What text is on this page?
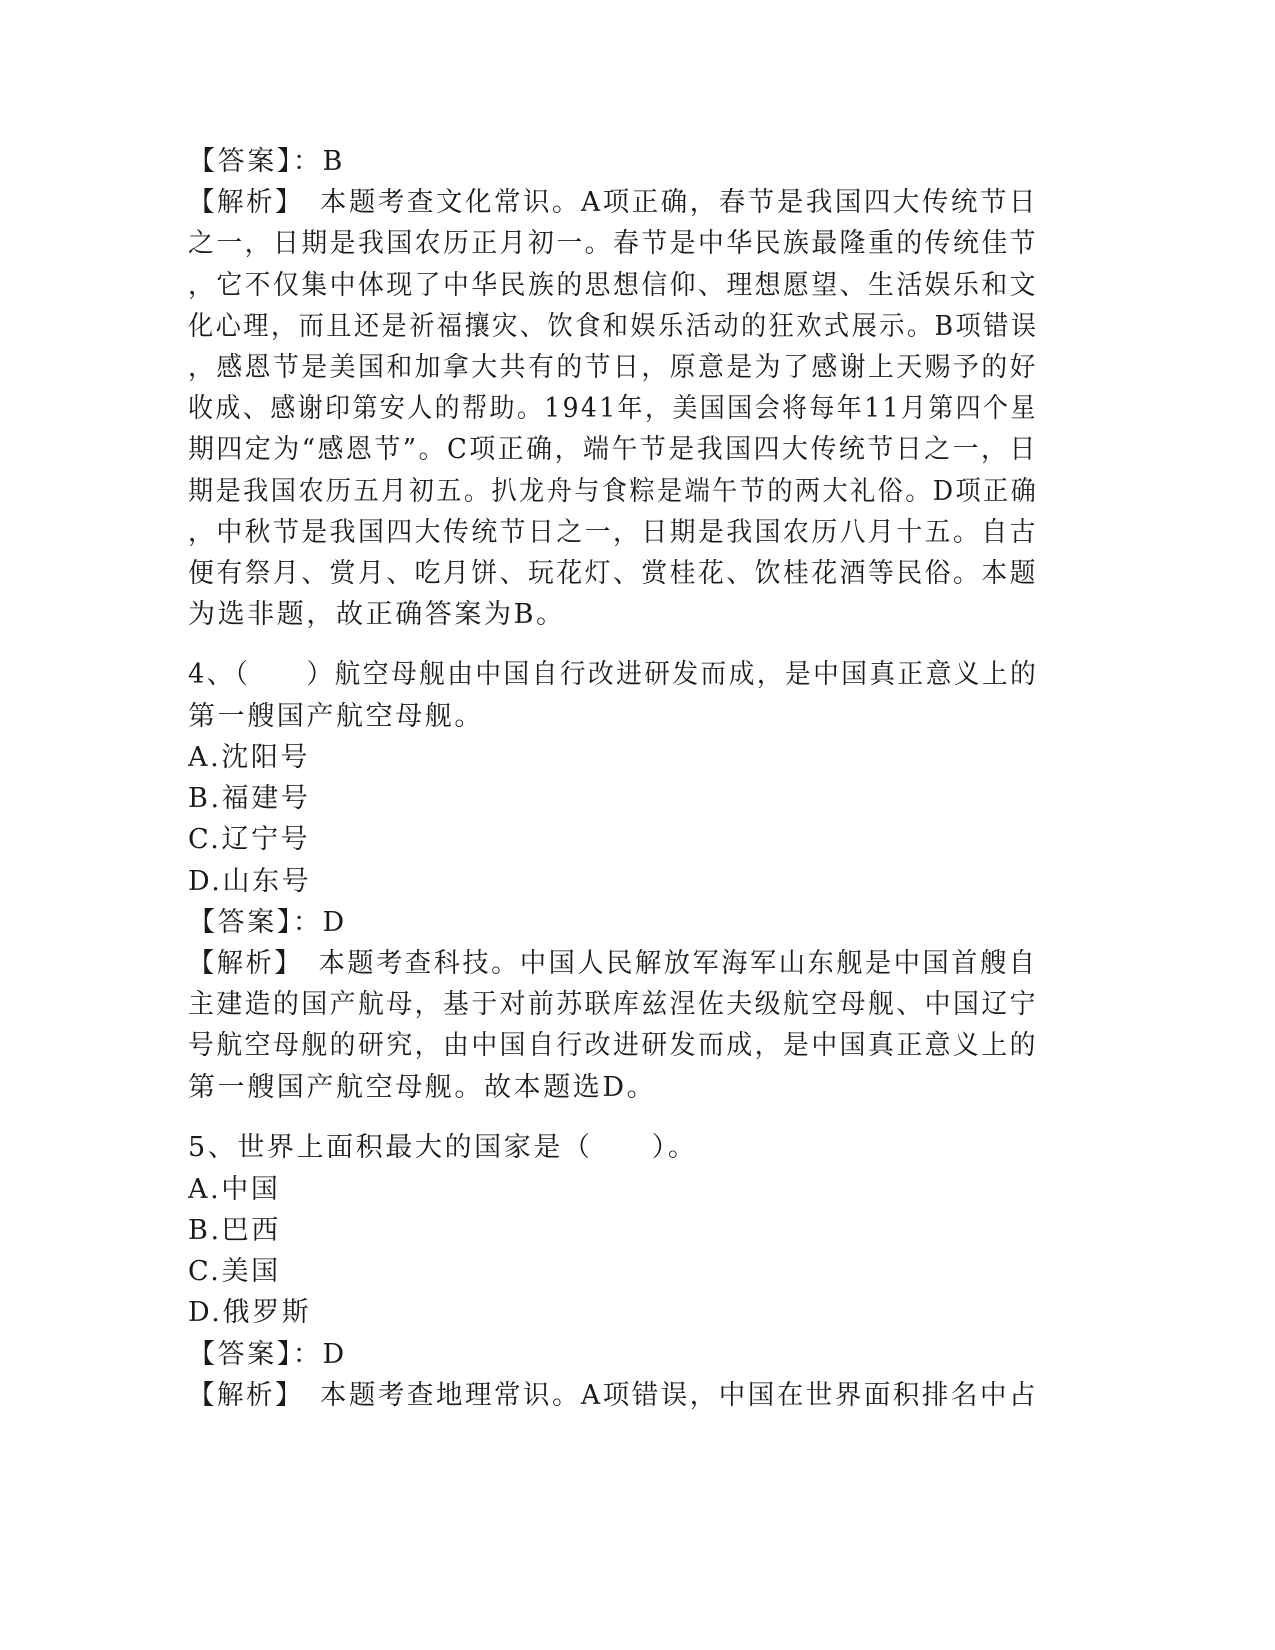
【答案】：B
【解析】　本题考查文化常识。A项正确，春节是我国四大传统节日
之一，日期是我国农历正月初一。春节是中华民族最隆重的传统佳节
，它不仅集中体现了中华民族的思想信仰、理想愿望、生活娱乐和文
化心理，而且还是祈福攘灾、饮食和娱乐活动的狂欢式展示。B项错误
，感恩节是美国和加拿大共有的节日，原意是为了感谢上天赐予的好
收成、感谢印第安人的帮助。1941年，美国国会将每年11月第四个星
期四定为“感恩节”。C项正确，端午节是我国四大传统节日之一，日
期是我国农历五月初五。扒龙舟与食粽是端午节的两大礼俗。D项正确
，中秋节是我国四大传统节日之一，日期是我国农历八月十五。自古
便有祭月、赏月、吃月饼、玩花灯、赏桂花、饮桂花酒等民俗。本题
为选非题，故正确答案为B。
4、（　　）航空母舰由中国自行改进研发而成，是中国真正意义上的
第一艘国产航空母舰。
A.沈阳号
B.福建号
C.辽宁号
D.山东号
【答案】：D
【解析】　本题考查科技。中国人民解放军海军山东舰是中国首艘自
主建造的国产航母，基于对前苏联库兹涅佐夫级航空母舰、中国辽宁
号航空母舰的研究，由中国自行改进研发而成，是中国真正意义上的
第一艘国产航空母舰。故本题选D。
5、世界上面积最大的国家是（　　）。
A.中国
B.巴西
C.美国
D.俄罗斯
【答案】：D
【解析】　本题考查地理常识。A项错误，中国在世界面积排名中占
